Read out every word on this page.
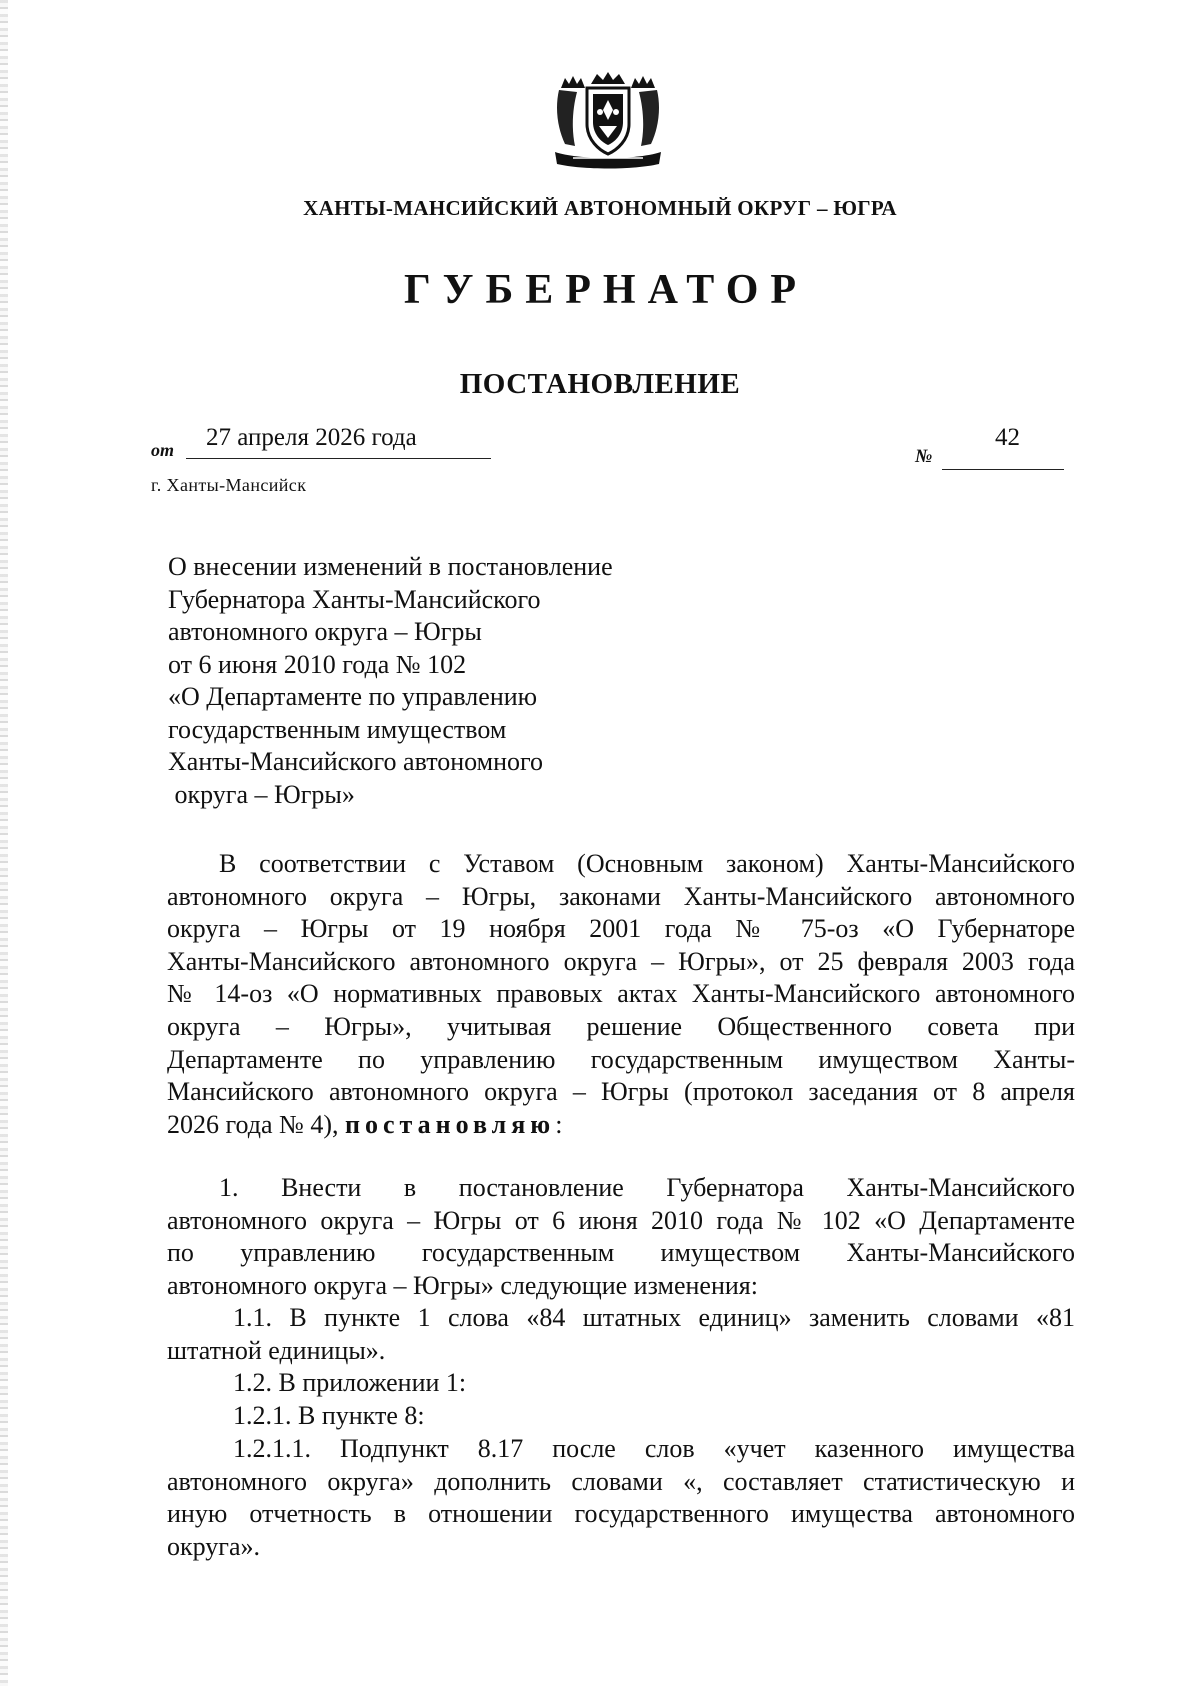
ХАНТЫ-МАНСИЙСКИЙ АВТОНОМНЫЙ ОКРУГ – ЮГРА
ГУБЕРНАТОР
ПОСТАНОВЛЕНИЕ
от 27 апреля 2026 года
№
42
г. Ханты-Мансийск
О внесении изменений в постановление
Губернатора Ханты-Мансийского
автономного округа – Югры
от 6 июня 2010 года № 102
«О Департаменте по управлению
государственным имуществом
Ханты-Мансийского автономного
округа – Югры»
В соответствии с Уставом (Основным законом) Ханты-Мансийского
автономного округа – Югры, законами Ханты-Мансийского автономного
округа – Югры от 19 ноября 2001 года № 75-оз «О Губернаторе
Ханты-Мансийского автономного округа – Югры», от 25 февраля 2003 года
№ 14-оз «О нормативных правовых актах Ханты-Мансийского автономного
округа – Югры», учитывая решение Общественного совета при
Департаменте по управлению государственным имуществом Ханты-
Мансийского автономного округа – Югры (протокол заседания от 8 апреля
2026 года № 4), постановляю:
1. Внести в постановление Губернатора Ханты-Мансийского
автономного округа – Югры от 6 июня 2010 года № 102 «О Департаменте
по управлению государственным имуществом Ханты-Мансийского
автономного округа – Югры» следующие изменения:
1.1. В пункте 1 слова «84 штатных единиц» заменить словами «81
штатной единицы».
1.2. В приложении 1:
1.2.1. В пункте 8:
1.2.1.1. Подпункт 8.17 после слов «учет казенного имущества
автономного округа» дополнить словами «, составляет статистическую и
иную отчетность в отношении государственного имущества автономного
округа».
